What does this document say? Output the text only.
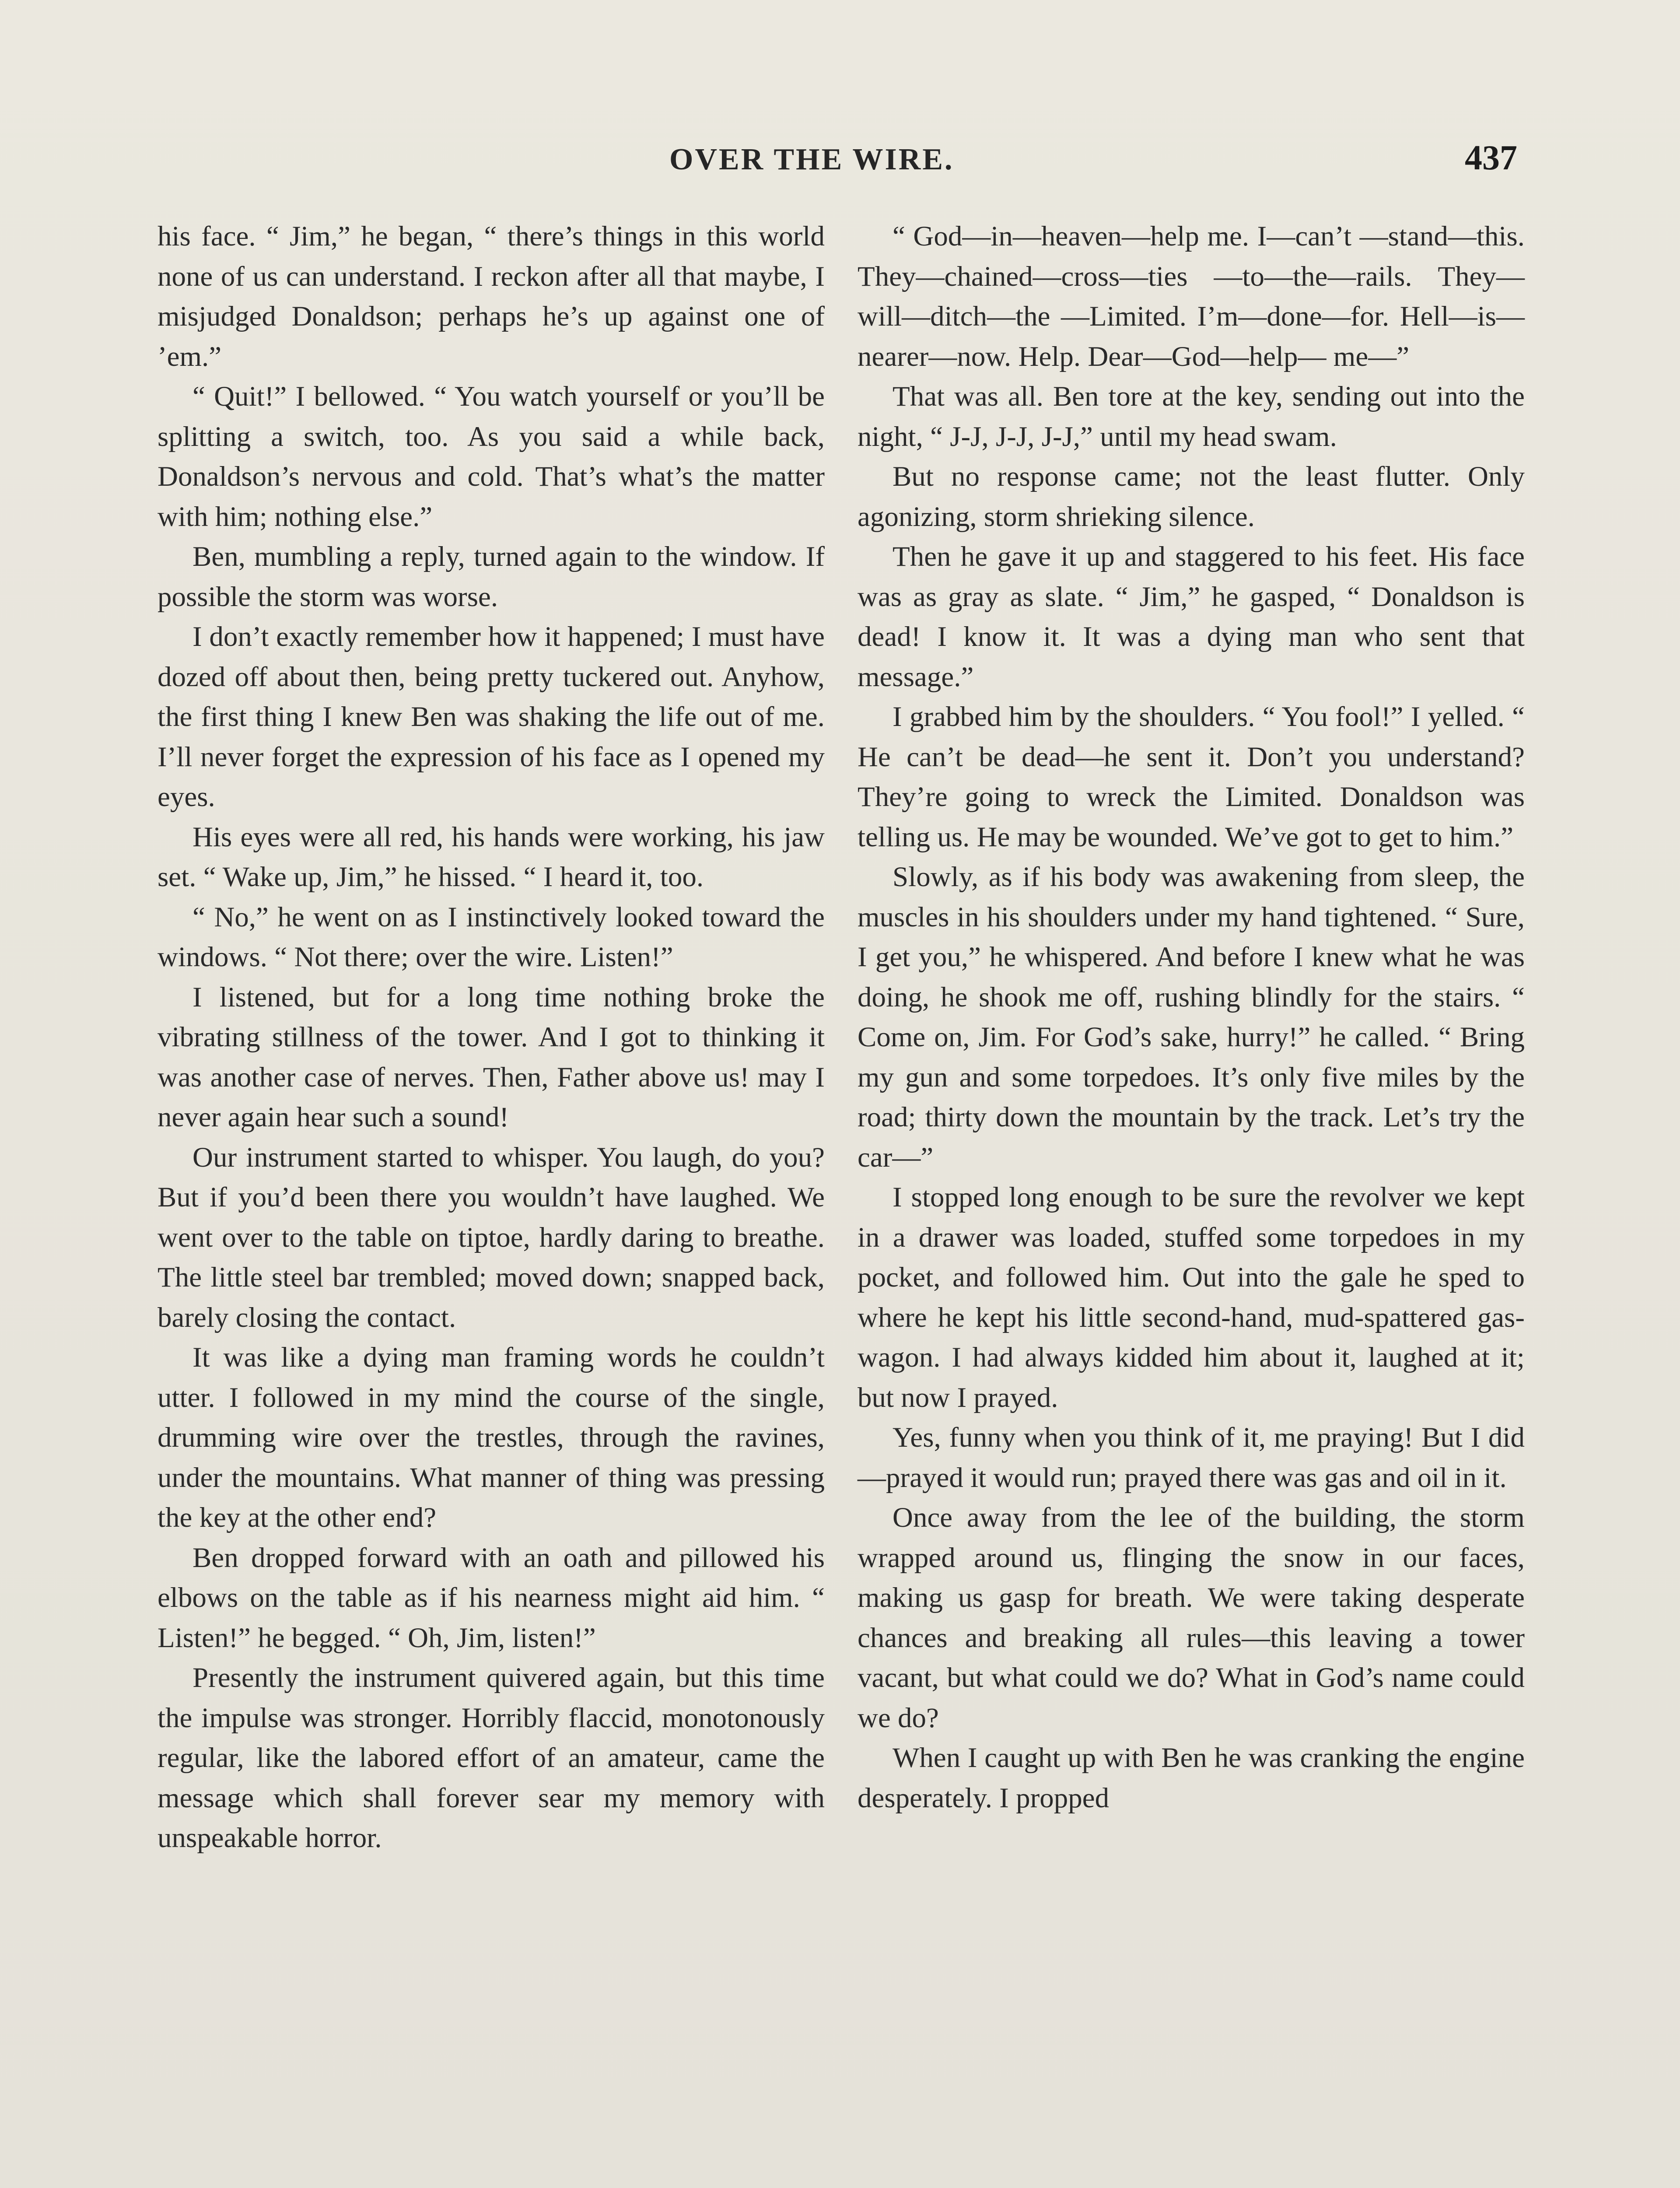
OVER THE WIRE.	437

his face. “ Jim,” he began, “ there’s things in this world none of us can understand. I reckon after all that maybe, I misjudged Donaldson; perhaps he’s up against one of ’em.”

“ Quit!” I bellowed. “ You watch yourself or you’ll be splitting a switch, too. As you said a while back, Donaldson’s nervous and cold. That’s what’s the matter with him; nothing else.”

Ben, mumbling a reply, turned again to the window. If possible the storm was worse.

I don’t exactly remember how it happened; I must have dozed off about then, being pretty tuckered out. Anyhow, the first thing I knew Ben was shaking the life out of me. I’ll never forget the expression of his face as I opened my eyes.

His eyes were all red, his hands were working, his jaw set. “ Wake up, Jim,” he hissed. “ I heard it, too.

“ No,” he went on as I instinctively looked toward the windows. “ Not there; over the wire. Listen!”

I listened, but for a long time nothing broke the vibrating stillness of the tower. And I got to thinking it was another case of nerves. Then, Father above us! may I never again hear such a sound!

Our instrument started to whisper. You laugh, do you? But if you’d been there you wouldn’t have laughed. We went over to the table on tiptoe, hardly daring to breathe. The little steel bar trembled; moved down; snapped back, barely closing the contact.

It was like a dying man framing words he couldn’t utter. I followed in my mind the course of the single, drumming wire over the trestles, through the ravines, under the mountains. What manner of thing was pressing the key at the other end?

Ben dropped forward with an oath and pillowed his elbows on the table as if his nearness might aid him. “ Listen!” he begged. “ Oh, Jim, listen!”

Presently the instrument quivered again, but this time the impulse was stronger. Horribly flaccid, monotonously regular, like the labored effort of an amateur, came the message which shall forever sear my memory with unspeakable horror.

“ God—in—heaven—help me. I—can’t —stand—this. They—chained—cross—ties —to—the—rails. They—will—ditch—the —Limited. I’m—done—for. Hell—is— nearer—now. Help. Dear—God—help— me—”

That was all. Ben tore at the key, sending out into the night, “ J-J, J-J, J-J,” until my head swam.

But no response came; not the least flutter. Only agonizing, storm shrieking silence.

Then he gave it up and staggered to his feet. His face was as gray as slate. “ Jim,” he gasped, “ Donaldson is dead! I know it. It was a dying man who sent that message.”

I grabbed him by the shoulders. “ You fool!” I yelled. “ He can’t be dead—he sent it. Don’t you understand? They’re going to wreck the Limited. Donaldson was telling us. He may be wounded. We’ve got to get to him.”

Slowly, as if his body was awakening from sleep, the muscles in his shoulders under my hand tightened. “ Sure, I get you,” he whispered. And before I knew what he was doing, he shook me off, rushing blindly for the stairs. “ Come on, Jim. For God’s sake, hurry!” he called. “ Bring my gun and some torpedoes. It’s only five miles by the road; thirty down the mountain by the track. Let’s try the car—”

I stopped long enough to be sure the revolver we kept in a drawer was loaded, stuffed some torpedoes in my pocket, and followed him. Out into the gale he sped to where he kept his little second-hand, mud-spattered gas-wagon. I had always kidded him about it, laughed at it; but now I prayed.

Yes, funny when you think of it, me praying! But I did—prayed it would run; prayed there was gas and oil in it.

Once away from the lee of the building, the storm wrapped around us, flinging the snow in our faces, making us gasp for breath. We were taking desperate chances and breaking all rules—this leaving a tower vacant, but what could we do? What in God’s name could we do?

When I caught up with Ben he was cranking the engine desperately. I propped
